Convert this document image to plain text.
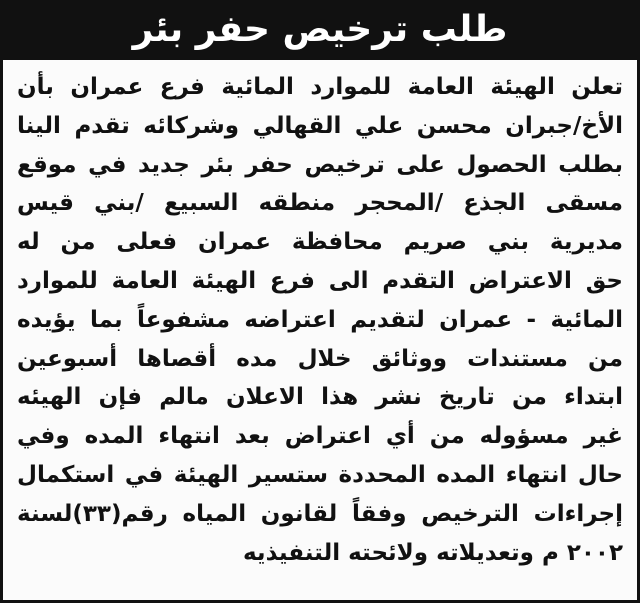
طلب ترخيص حفر بئر
تعلن الهيئة العامة للموارد المائية فرع عمران بأن
الأخ/جبران محسن علي القهالي وشركائه تقدم الينا
بطلب الحصول على ترخيص حفر بئر جديد في موقع
مسقى الجذع /المحجر منطقه السبيع /بني قيس
مديرية بني صريم محافظة عمران فعلى من له
حق الاعتراض التقدم الى فرع الهيئة العامة للموارد
المائية - عمران لتقديم اعتراضه مشفوعاً بما يؤيده
من مستندات ووثائق خلال مده أقصاها أسبوعين
ابتداء من تاريخ نشر هذا الاعلان مالم فإن الهيئه
غير مسؤوله من أي اعتراض بعد انتهاء المده وفي
حال انتهاء المده المحددة ستسير الهيئة في استكمال
إجراءات الترخيص وفقاً لقانون المياه رقم(٣٣)لسنة
٢٠٠٢ م وتعديلاته ولائحته التنفيذيه
